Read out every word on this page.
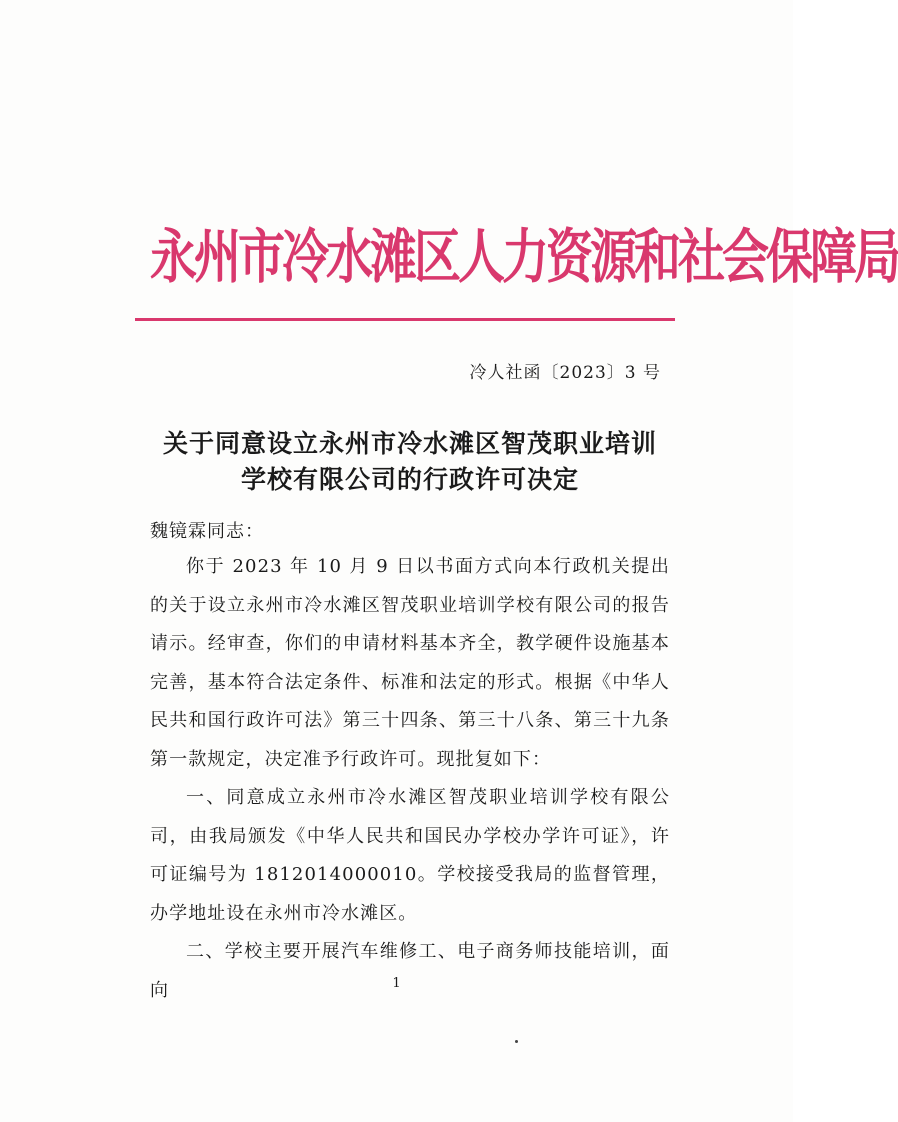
永州市冷水滩区人力资源和社会保障局
冷人社函〔2023〕3 号
关于同意设立永州市冷水滩区智茂职业培训
学校有限公司的行政许可决定
魏镜霖同志：

你于 2023 年 10 月 9 日以书面方式向本行政机关提出的关于设立永州市冷水滩区智茂职业培训学校有限公司的报告请示。经审查，你们的申请材料基本齐全，教学硬件设施基本完善，基本符合法定条件、标准和法定的形式。根据《中华人民共和国行政许可法》第三十四条、第三十八条、第三十九条第一款规定，决定准予行政许可。现批复如下：

一、同意成立永州市冷水滩区智茂职业培训学校有限公司，由我局颁发《中华人民共和国民办学校办学许可证》，许可证编号为 1812014000010。学校接受我局的监督管理，办学地址设在永州市冷水滩区。

二、学校主要开展汽车维修工、电子商务师技能培训，面向	1
